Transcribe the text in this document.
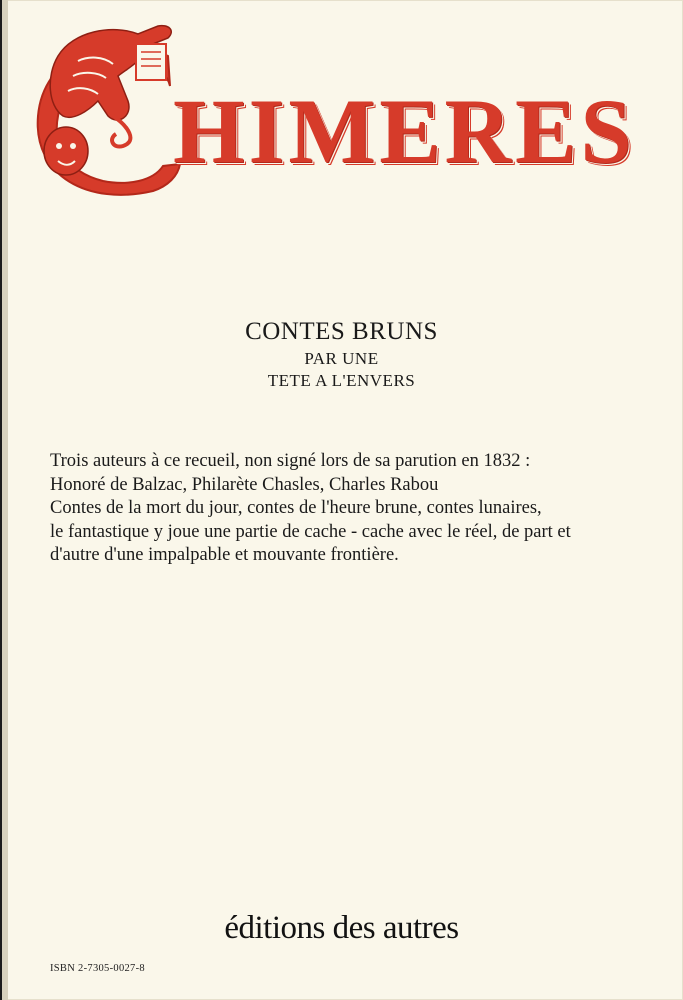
HIMERES
CONTES BRUNS
PAR UNE
TETE A L'ENVERS

Trois auteurs à ce recueil, non signé lors de sa parution en 1832 :

Honoré de Balzac, Philarète Chasles, Charles Rabou

Contes de la mort du jour, contes de l'heure brune, contes lunaires,

le fantastique y joue une partie de cache - cache avec le réel, de part et

d'autre d'une impalpable et mouvante frontière.

éditions des autres
ISBN 2-7305-0027-8
